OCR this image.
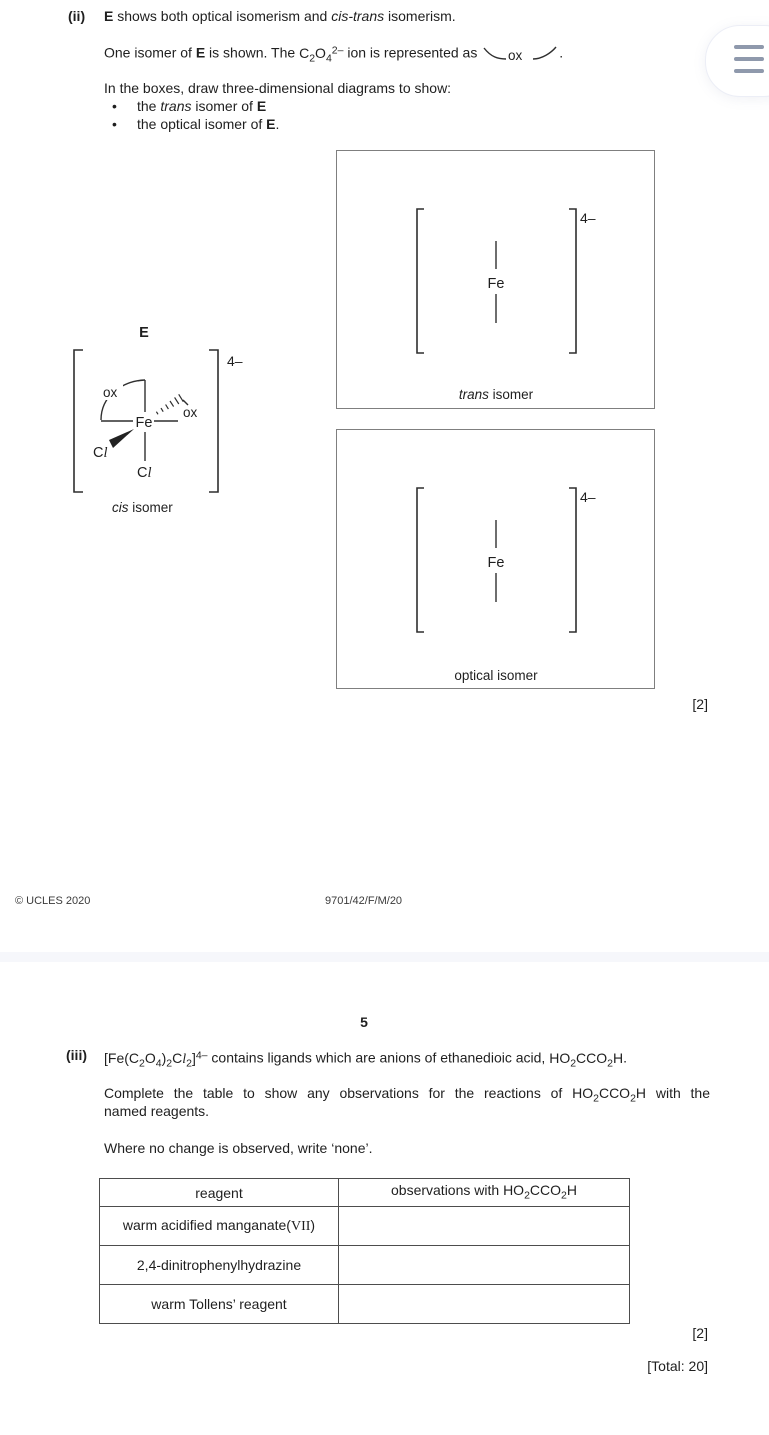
(ii) E shows both optical isomerism and cis-trans isomerism.
One isomer of E is shown. The $C_2O_4^{2-}$ ion is represented as ox	.
In the boxes, draw three-dimensional diagrams to show:
• the trans isomer of E
• the optical isomer of E.
E
4–
ox
Fe
ox
Cl
Cl
cis isomer
4–
Fe
trans isomer
4–
Fe
optical isomer
[2]
© UCLES 2020	9701/42/F/M/20
5
(iii) $[Fe(C_2O_4)_2Cl_2]^{4-}$ contains ligands which are anions of ethanedioic acid, $HO_2CCO_2H$.
Complete the table to show any observations for the reactions of $HO_2CCO_2H$ with the
named reagents.
Where no change is observed, write ‘none’.
reagent	observations with $HO_2CCO_2H$
warm acidified manganate(VII)	
2,4-dinitrophenylhydrazine	
warm Tollens’ reagent	
[2]
[Total: 20]
